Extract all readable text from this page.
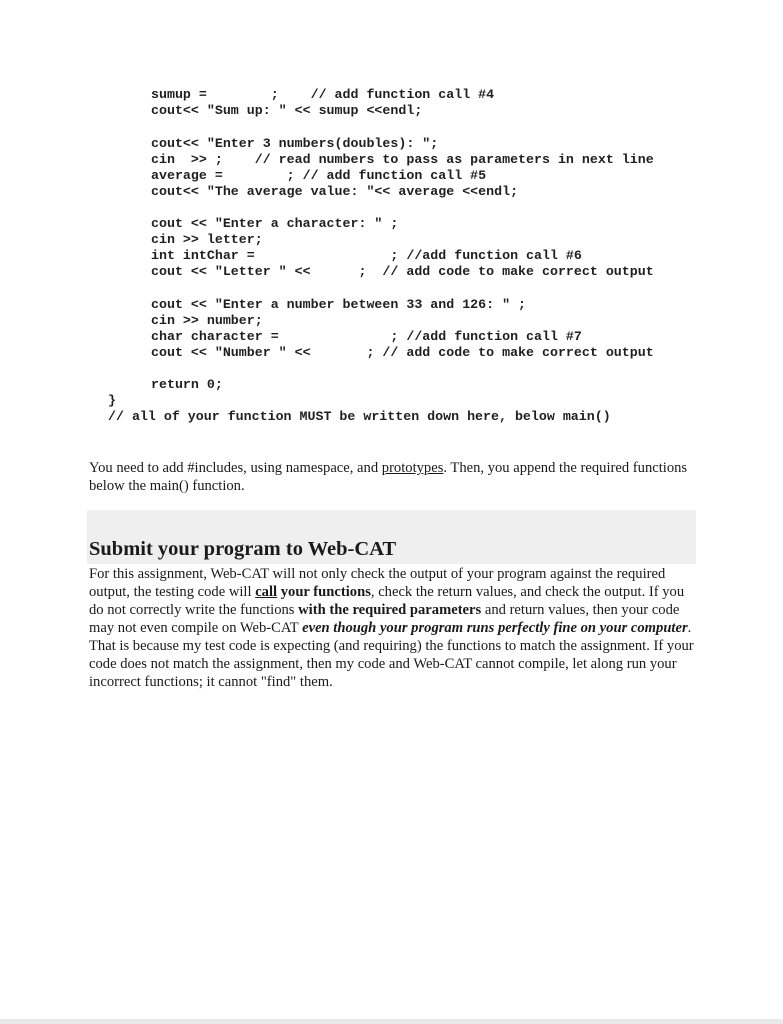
sumup =        ;    // add function call #4
cout<< "Sum up: " << sumup <<endl;
cout<< "Enter 3 numbers(doubles): ";
cin  >> ;    // read numbers to pass as parameters in next line
average =        ; // add function call #5
cout<< "The average value: "<< average <<endl;
cout << "Enter a character: " ;
cin >> letter;
int intChar =                 ; //add function call #6
cout << "Letter " <<      ;  // add code to make correct output
cout << "Enter a number between 33 and 126: " ;
cin >> number;
char character =              ; //add function call #7
cout << "Number " <<       ; // add code to make correct output
return 0;
}
// all of your function MUST be written down here, below main()
You need to add #includes, using namespace, and prototypes. Then, you append the required functions below the main() function.
Submit your program to Web-CAT
For this assignment, Web-CAT will not only check the output of your program against the required output, the testing code will call your functions, check the return values, and check the output. If you do not correctly write the functions with the required parameters and return values, then your code may not even compile on Web-CAT even though your program runs perfectly fine on your computer. That is because my test code is expecting (and requiring) the functions to match the assignment. If your code does not match the assignment, then my code and Web-CAT cannot compile, let along run your incorrect functions; it cannot "find" them.
